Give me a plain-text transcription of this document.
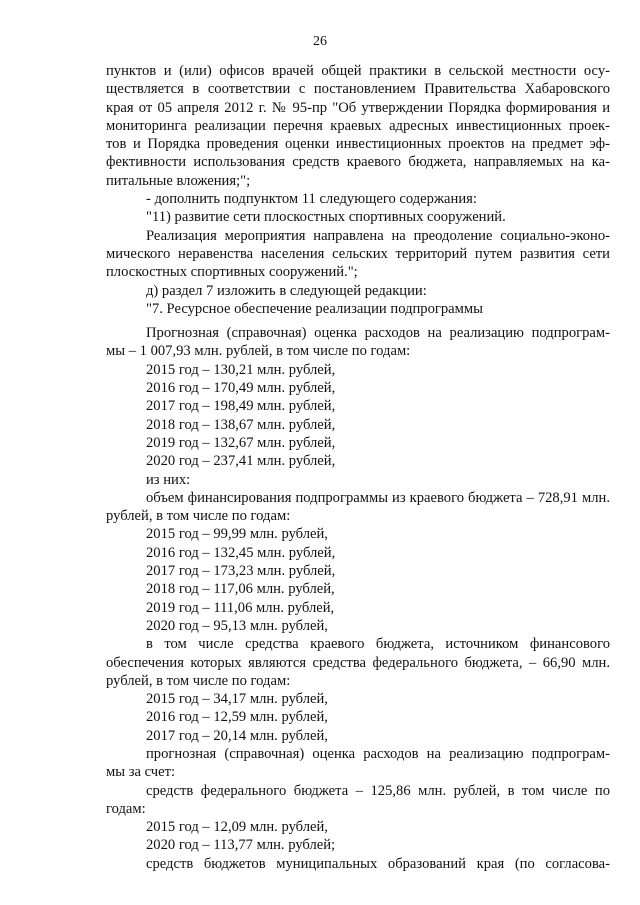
26
пунктов и (или) офисов врачей общей практики в сельской местности осу-
ществляется в соответствии с постановлением Правительства Хабаровского
края от 05 апреля 2012 г. № 95-пр "Об утверждении Порядка формирования и
мониторинга реализации перечня краевых адресных инвестиционных проек-
тов и Порядка проведения оценки инвестиционных проектов на предмет эф-
фективности использования средств краевого бюджета, направляемых на ка-
питальные вложения;";
- дополнить подпунктом 11 следующего содержания:
"11) развитие сети плоскостных спортивных сооружений.
Реализация мероприятия направлена на преодоление социально-эконо-
мического неравенства населения сельских территорий путем развития сети
плоскостных спортивных сооружений.";
д) раздел 7 изложить в следующей редакции:
"7. Ресурсное обеспечение реализации подпрограммы
Прогнозная (справочная) оценка расходов на реализацию подпрограм-
мы – 1 007,93 млн. рублей, в том числе по годам:
2015 год – 130,21 млн. рублей,
2016 год – 170,49 млн. рублей,
2017 год – 198,49 млн. рублей,
2018 год – 138,67 млн. рублей,
2019 год – 132,67 млн. рублей,
2020 год – 237,41 млн. рублей,
из них:
объем финансирования подпрограммы из краевого бюджета – 728,91 млн.
рублей, в том числе по годам:
2015 год – 99,99 млн. рублей,
2016 год – 132,45 млн. рублей,
2017 год – 173,23 млн. рублей,
2018 год – 117,06 млн. рублей,
2019 год – 111,06 млн. рублей,
2020 год – 95,13 млн. рублей,
в том числе средства краевого бюджета, источником финансового
обеспечения которых являются средства федерального бюджета, – 66,90 млн.
рублей, в том числе по годам:
2015 год – 34,17 млн. рублей,
2016 год – 12,59 млн. рублей,
2017 год – 20,14 млн. рублей,
прогнозная (справочная) оценка расходов на реализацию подпрограм-
мы за счет:
средств федерального бюджета – 125,86 млн. рублей, в том числе по
годам:
2015 год – 12,09 млн. рублей,
2020 год – 113,77 млн. рублей;
средств бюджетов муниципальных образований края (по согласова-
